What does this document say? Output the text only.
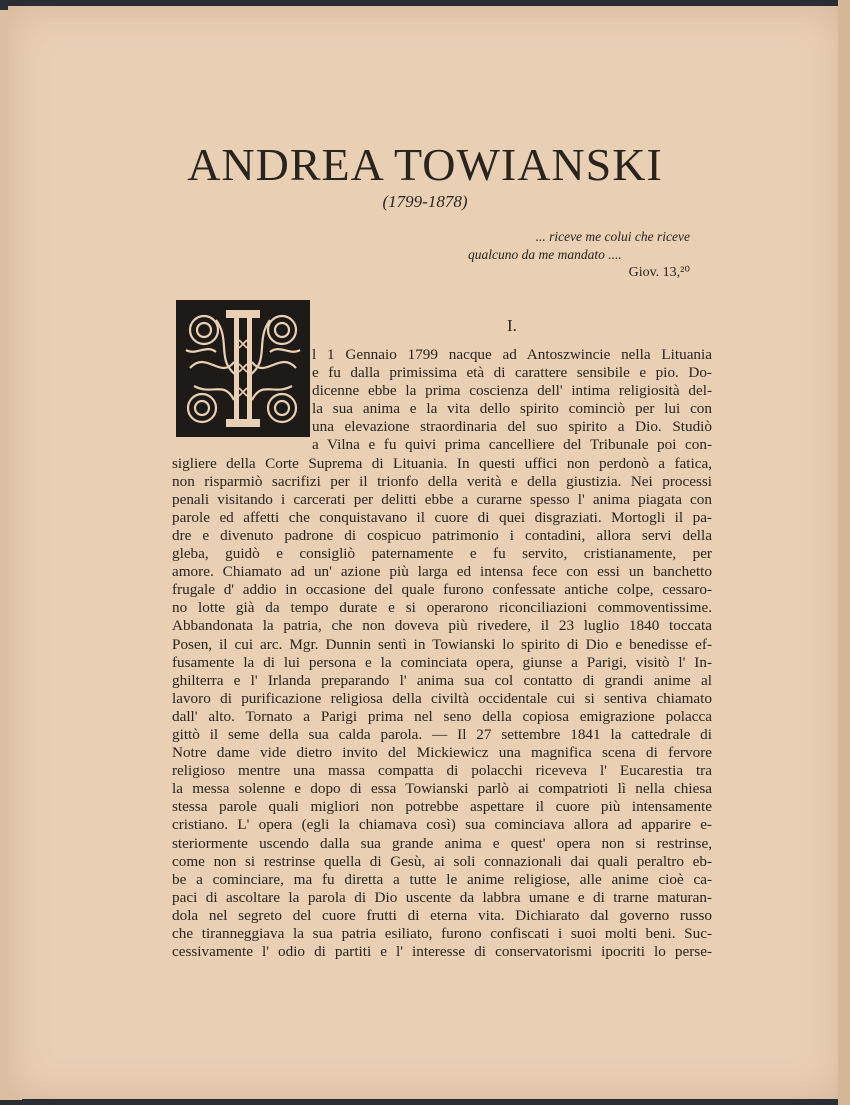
ANDREA TOWIANSKI
(1799-1878)
... riceve me colui che riceve
qualcuno da me mandato ....
Giov. 13,²⁰
I.
l 1 Gennaio 1799 nacque ad Antoszwincie nella Lituania
e fu dalla primissima età di carattere sensibile e pio. Do-
dicenne ebbe la prima coscienza dell' intima religiosità del-
la sua anima e la vita dello spirito cominciò per lui con
una elevazione straordinaria del suo spirito a Dio. Studiò
a Vilna e fu quivi prima cancelliere del Tribunale poi con-
sigliere della Corte Suprema di Lituania. In questi uffici non perdonò a fatica,
non risparmiò sacrifizi per il trionfo della verità e della giustizia. Nei processi
penali visitando i carcerati per delitti ebbe a curarne spesso l' anima piagata con
parole ed affetti che conquistavano il cuore di quei disgraziati. Mortogli il pa-
dre e divenuto padrone di cospicuo patrimonio i contadini, allora servi della
gleba, guidò e consigliò paternamente e fu servito, cristianamente, per
amore. Chiamato ad un' azione più larga ed intensa fece con essi un banchetto
frugale d' addio in occasione del quale furono confessate antiche colpe, cessaro-
no lotte già da tempo durate e si operarono riconciliazioni commoventissime.
Abbandonata la patria, che non doveva più rivedere, il 23 luglio 1840 toccata
Posen, il cui arc. Mgr. Dunnin sentì in Towianski lo spirito di Dio e benedisse ef-
fusamente la di lui persona e la cominciata opera, giunse a Parigi, visitò l' In-
ghilterra e l' Irlanda preparando l' anima sua col contatto di grandi anime al
lavoro di purificazione religiosa della civiltà occidentale cui si sentiva chiamato
dall' alto. Tornato a Parigi prima nel seno della copiosa emigrazione polacca
gittò il seme della sua calda parola. — Il 27 settembre 1841 la cattedrale di
Notre dame vide dietro invito del Mickiewicz una magnifica scena di fervore
religioso mentre una massa compatta di polacchi riceveva l' Eucarestia tra
la messa solenne e dopo di essa Towianski parlò ai compatrioti lì nella chiesa
stessa parole quali migliori non potrebbe aspettare il cuore più intensamente
cristiano. L' opera (egli la chiamava così) sua cominciava allora ad apparire e-
steriormente uscendo dalla sua grande anima e quest' opera non si restrinse,
come non si restrinse quella di Gesù, ai soli connazionali dai quali peraltro eb-
be a cominciare, ma fu diretta a tutte le anime religiose, alle anime cioè ca-
paci di ascoltare la parola di Dio uscente da labbra umane e di trarne maturan-
dola nel segreto del cuore frutti di eterna vita. Dichiarato dal governo russo
che tiranneggiava la sua patria esiliato, furono confiscati i suoi molti beni. Suc-
cessivamente l' odio di partiti e l' interesse di conservatorismi ipocriti lo perse-
